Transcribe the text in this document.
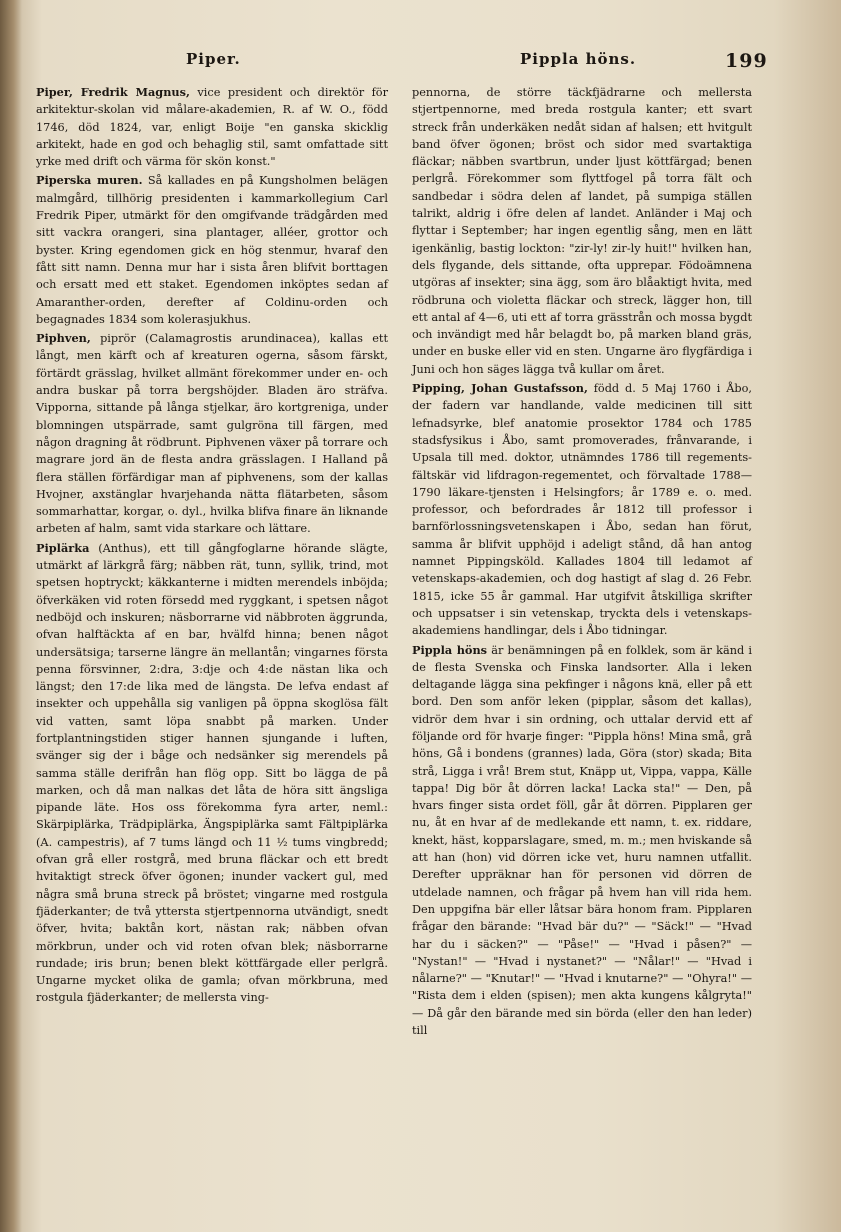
Piper.	Pippla höns.	199

Piper, Fredrik Magnus, vice president och direktör för arkitektur-skolan vid målare-akademien, R. af W. O., född 1746, död 1824, var, enligt Boije "en ganska skicklig arkitekt, hade en god och behaglig stil, samt omfattade sitt yrke med drift och värma för skön konst."

Piperska muren. Så kallades en på Kungsholmen belägen malmgård, tillhörig presidenten i kammarkollegium Carl Fredrik Piper, utmärkt för den omgifvande trädgården med sitt vackra orangeri, sina plantager, alléer, grottor och byster. Kring egendomen gick en hög stenmur, hvaraf den fått sitt namn. Denna mur har i sista åren blifvit borttagen och ersatt med ett staket. Egendomen inköptes sedan af Amaranther-orden, derefter af Coldinu-orden och begagnades 1834 som kolerasjukhus.

Piphven, piprör (Calamagrostis arundinacea), kallas ett långt, men kärft och af kreaturen ogerna, såsom färskt, förtärdt grässlag, hvilket allmänt förekommer under en- och andra buskar på torra bergshöjder. Bladen äro sträfva. Vipporna, sittande på långa stjelkar, äro kortgreniga, under blomningen utspärrade, samt gulgröna till färgen, med någon dragning åt rödbrunt. Piphvenen växer på torrare och magrare jord än de flesta andra grässlagen. I Halland på flera ställen förfärdigar man af piphvenens, som der kallas Hvojner, axstänglar hvarjehanda nätta flätarbeten, såsom sommarhattar, korgar, o. dyl., hvilka blifva finare än liknande arbeten af halm, samt vida starkare och lättare.

Piplärka (Anthus), ett till gångfoglarne hörande slägte, utmärkt af lärkgrå färg; näbben rät, tunn, syllik, trind, mot spetsen hoptryckt; käkkanterne i midten merendels inböjda; öfverkäken vid roten försedd med ryggkant, i spetsen något nedböjd och inskuren; näsborrarne vid näbbroten äggrunda, ofvan halftäckta af en bar, hvälfd hinna; benen något undersätsiga; tarserne längre än mellantån; vingarnes första penna försvinner, 2:dra, 3:dje och 4:de nästan lika och längst; den 17:de lika med de längsta. De lefva endast af insekter och uppehålla sig vanligen på öppna skoglösa fält vid vatten, samt löpa snabbt på marken. Under fortplantningstiden stiger hannen sjungande i luften, svänger sig der i båge och nedsänker sig merendels på samma ställe derifrån han flög opp. Sitt bo lägga de på marken, och då man nalkas det låta de höra sitt ängsliga pipande läte. Hos oss förekomma fyra arter, neml.: Skärpiplärka, Trädpiplärka, Ängspiplärka samt Fältpiplärka (A. campestris), af 7 tums längd och 11 ½ tums vingbredd; ofvan grå eller rostgrå, med bruna fläckar och ett bredt hvitaktigt streck öfver ögonen; inunder vackert gul, med några små bruna streck på bröstet; vingarne med rostgula fjäderkanter; de två yttersta stjertpennorna utvändigt, snedt öfver, hvita; baktån kort, nästan rak; näbben ofvan mörkbrun, under och vid roten ofvan blek; näsborrarne rundade; iris brun; benen blekt köttfärgade eller perlgrå. Ungarne mycket olika de gamla; ofvan mörkbruna, med rostgula fjäderkanter; de mellersta ving-

pennorna, de större täckfjädrarne och mellersta stjertpennorne, med breda rostgula kanter; ett svart streck från underkäken nedåt sidan af halsen; ett hvitgult band öfver ögonen; bröst och sidor med svartaktiga fläckar; näbben svartbrun, under ljust köttfärgad; benen perlgrå. Förekommer som flyttfogel på torra fält och sandbedar i södra delen af landet, på sumpiga ställen talrikt, aldrig i öfre delen af landet. Anländer i Maj och flyttar i September; har ingen egentlig sång, men en lätt igenkänlig, bastig lockton: "zir-ly! zir-ly huit!" hvilken han, dels flygande, dels sittande, ofta upprepar. Födoämnena utgöras af insekter; sina ägg, som äro blåaktigt hvita, med rödbruna och violetta fläckar och streck, lägger hon, till ett antal af 4—6, uti ett af torra grässtrån och mossa bygdt och invändigt med hår belagdt bo, på marken bland gräs, under en buske eller vid en sten. Ungarne äro flygfärdiga i Juni och hon säges lägga två kullar om året.

Pipping, Johan Gustafsson, född d. 5 Maj 1760 i Åbo, der fadern var handlande, valde medicinen till sitt lefnadsyrke, blef anatomie prosektor 1784 och 1785 stadsfysikus i Åbo, samt promoverades, frånvarande, i Upsala till med. doktor, utnämndes 1786 till regements-fältskär vid lifdragon-regementet, och förvaltade 1788—1790 läkare-tjensten i Helsingfors; år 1789 e. o. med. professor, och befordrades år 1812 till professor i barnförlossningsvetenskapen i Åbo, sedan han förut, samma år blifvit upphöjd i adeligt stånd, då han antog namnet Pippingsköld. Kallades 1804 till ledamot af vetenskaps-akademien, och dog hastigt af slag d. 26 Febr. 1815, icke 55 år gammal. Har utgifvit åtskilliga skrifter och uppsatser i sin vetenskap, tryckta dels i vetenskaps-akademiens handlingar, dels i Åbo tidningar.

Pippla höns är benämningen på en folklek, som är känd i de flesta Svenska och Finska landsorter. Alla i leken deltagande lägga sina pekfinger i någons knä, eller på ett bord. Den som anför leken (pipplar, såsom det kallas), vidrör dem hvar i sin ordning, och uttalar dervid ett af följande ord för hvarje finger: "Pippla höns! Mina små, grå höns, Gå i bondens (grannes) lada, Göra (stor) skada; Bita strå, Ligga i vrå! Brem stut, Knäpp ut, Vippa, vappa, Källe tappa! Dig bör åt dörren lacka! Lacka sta!" — Den, på hvars finger sista ordet föll, går åt dörren. Pipplaren ger nu, åt en hvar af de medlekande ett namn, t. ex. riddare, knekt, häst, kopparslagare, smed, m. m.; men hviskande så att han (hon) vid dörren icke vet, huru namnen utfallit. Derefter uppräknar han för personen vid dörren de utdelade namnen, och frågar på hvem han vill rida hem. Den uppgifna bär eller låtsar bära honom fram. Pipplaren frågar den bärande: "Hvad bär du?" — "Säck!" — "Hvad har du i säcken?" — "Påse!" — "Hvad i påsen?" — "Nystan!" — "Hvad i nystanet?" — "Nålar!" — "Hvad i nålarne?" — "Knutar!" — "Hvad i knutarne?" — "Ohyra!" — "Rista dem i elden (spisen); men akta kungens kålgryta!" — Då går den bärande med sin börda (eller den han leder) till
